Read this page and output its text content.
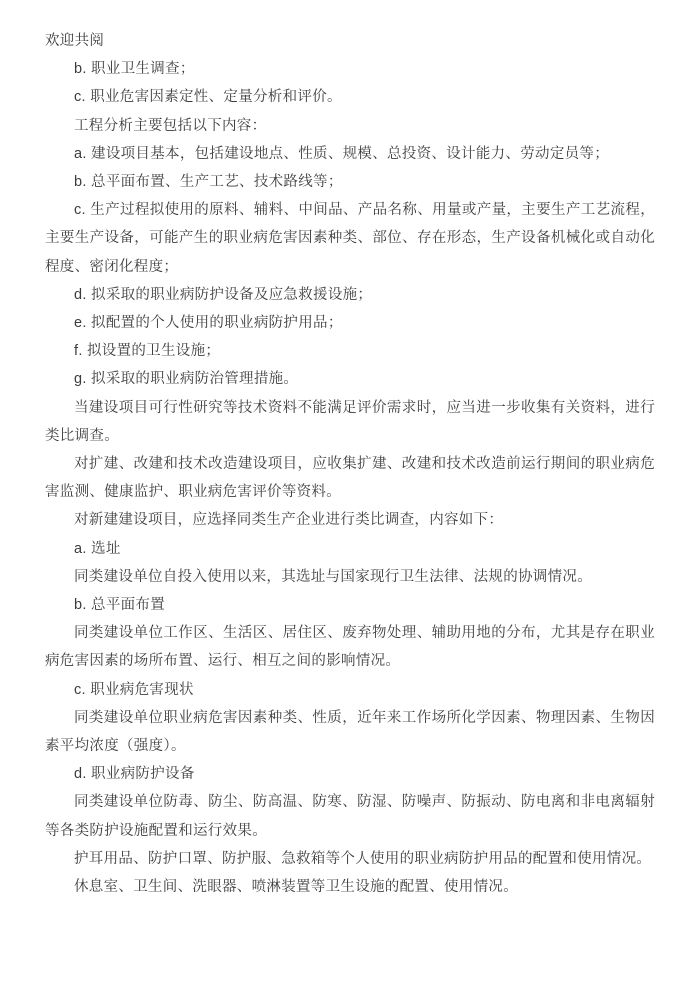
欢迎共阅

b. 职业卫生调查；

c. 职业危害因素定性、定量分析和评价。

工程分析主要包括以下内容：

a. 建设项目基本，包括建设地点、性质、规模、总投资、设计能力、劳动定员等；

b. 总平面布置、生产工艺、技术路线等；

c. 生产过程拟使用的原料、辅料、中间品、产品名称、用量或产量，主要生产工艺流程，主要生产设备，可能产生的职业病危害因素种类、部位、存在形态，生产设备机械化或自动化程度、密闭化程度；

d. 拟采取的职业病防护设备及应急救援设施；

e. 拟配置的个人使用的职业病防护用品；

f. 拟设置的卫生设施；

g. 拟采取的职业病防治管理措施。

当建设项目可行性研究等技术资料不能满足评价需求时，应当进一步收集有关资料，进行类比调查。

对扩建、改建和技术改造建设项目，应收集扩建、改建和技术改造前运行期间的职业病危害监测、健康监护、职业病危害评价等资料。

对新建建设项目，应选择同类生产企业进行类比调查，内容如下：

a. 选址

同类建设单位自投入使用以来，其选址与国家现行卫生法律、法规的协调情况。

b. 总平面布置

同类建设单位工作区、生活区、居住区、废弃物处理、辅助用地的分布，尤其是存在职业病危害因素的场所布置、运行、相互之间的影响情况。

c. 职业病危害现状

同类建设单位职业病危害因素种类、性质，近年来工作场所化学因素、物理因素、生物因素平均浓度（强度）。

d. 职业病防护设备

同类建设单位防毒、防尘、防高温、防寒、防湿、防噪声、防振动、防电离和非电离辐射等各类防护设施配置和运行效果。

护耳用品、防护口罩、防护服、急救箱等个人使用的职业病防护用品的配置和使用情况。

休息室、卫生间、洗眼器、喷淋装置等卫生设施的配置、使用情况。
